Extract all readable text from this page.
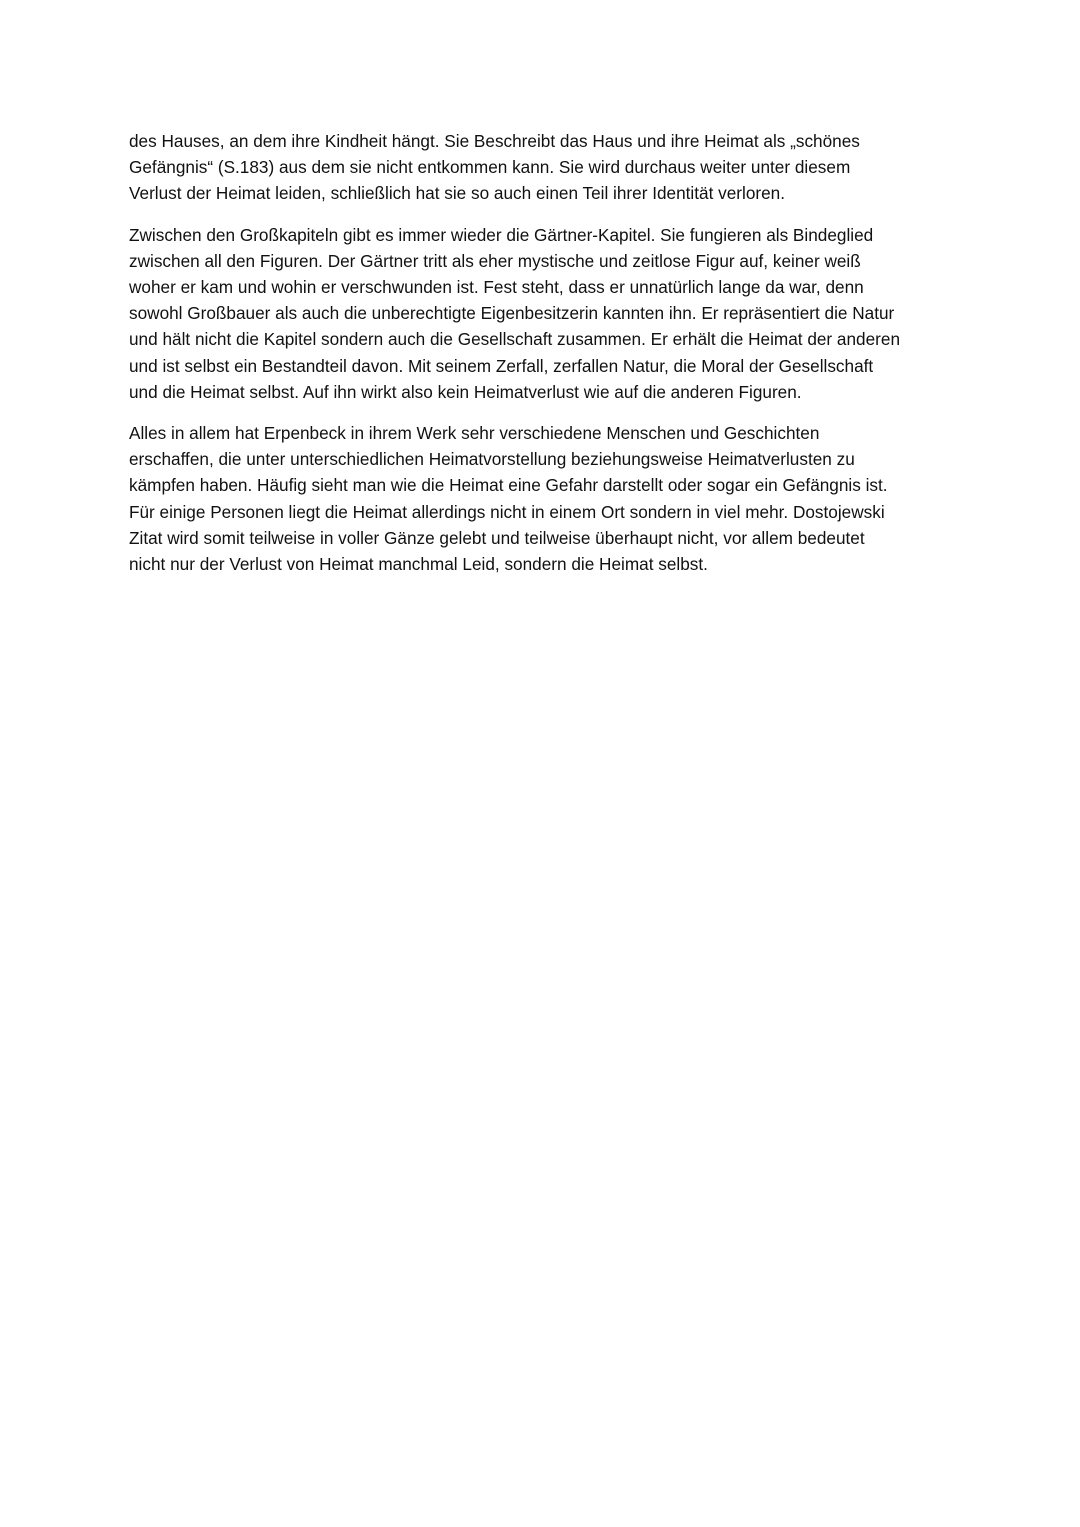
des Hauses, an dem ihre Kindheit hängt. Sie Beschreibt das Haus und ihre Heimat als „schönes
Gefängnis“ (S.183) aus dem sie nicht entkommen kann. Sie wird durchaus weiter unter diesem
Verlust der Heimat leiden, schließlich hat sie so auch einen Teil ihrer Identität verloren.

Zwischen den Großkapiteln gibt es immer wieder die Gärtner-Kapitel. Sie fungieren als Bindeglied
zwischen all den Figuren. Der Gärtner tritt als eher mystische und zeitlose Figur auf, keiner weiß
woher er kam und wohin er verschwunden ist. Fest steht, dass er unnatürlich lange da war, denn
sowohl Großbauer als auch die unberechtigte Eigenbesitzerin kannten ihn. Er repräsentiert die Natur
und hält nicht die Kapitel sondern auch die Gesellschaft zusammen. Er erhält die Heimat der anderen
und ist selbst ein Bestandteil davon. Mit seinem Zerfall, zerfallen Natur, die Moral der Gesellschaft
und die Heimat selbst. Auf ihn wirkt also kein Heimatverlust wie auf die anderen Figuren.

Alles in allem hat Erpenbeck in ihrem Werk sehr verschiedene Menschen und Geschichten
erschaffen, die unter unterschiedlichen Heimatvorstellung beziehungsweise Heimatverlusten zu
kämpfen haben. Häufig sieht man wie die Heimat eine Gefahr darstellt oder sogar ein Gefängnis ist.
Für einige Personen liegt die Heimat allerdings nicht in einem Ort sondern in viel mehr. Dostojewski
Zitat wird somit teilweise in voller Gänze gelebt und teilweise überhaupt nicht, vor allem bedeutet
nicht nur der Verlust von Heimat manchmal Leid, sondern die Heimat selbst.
